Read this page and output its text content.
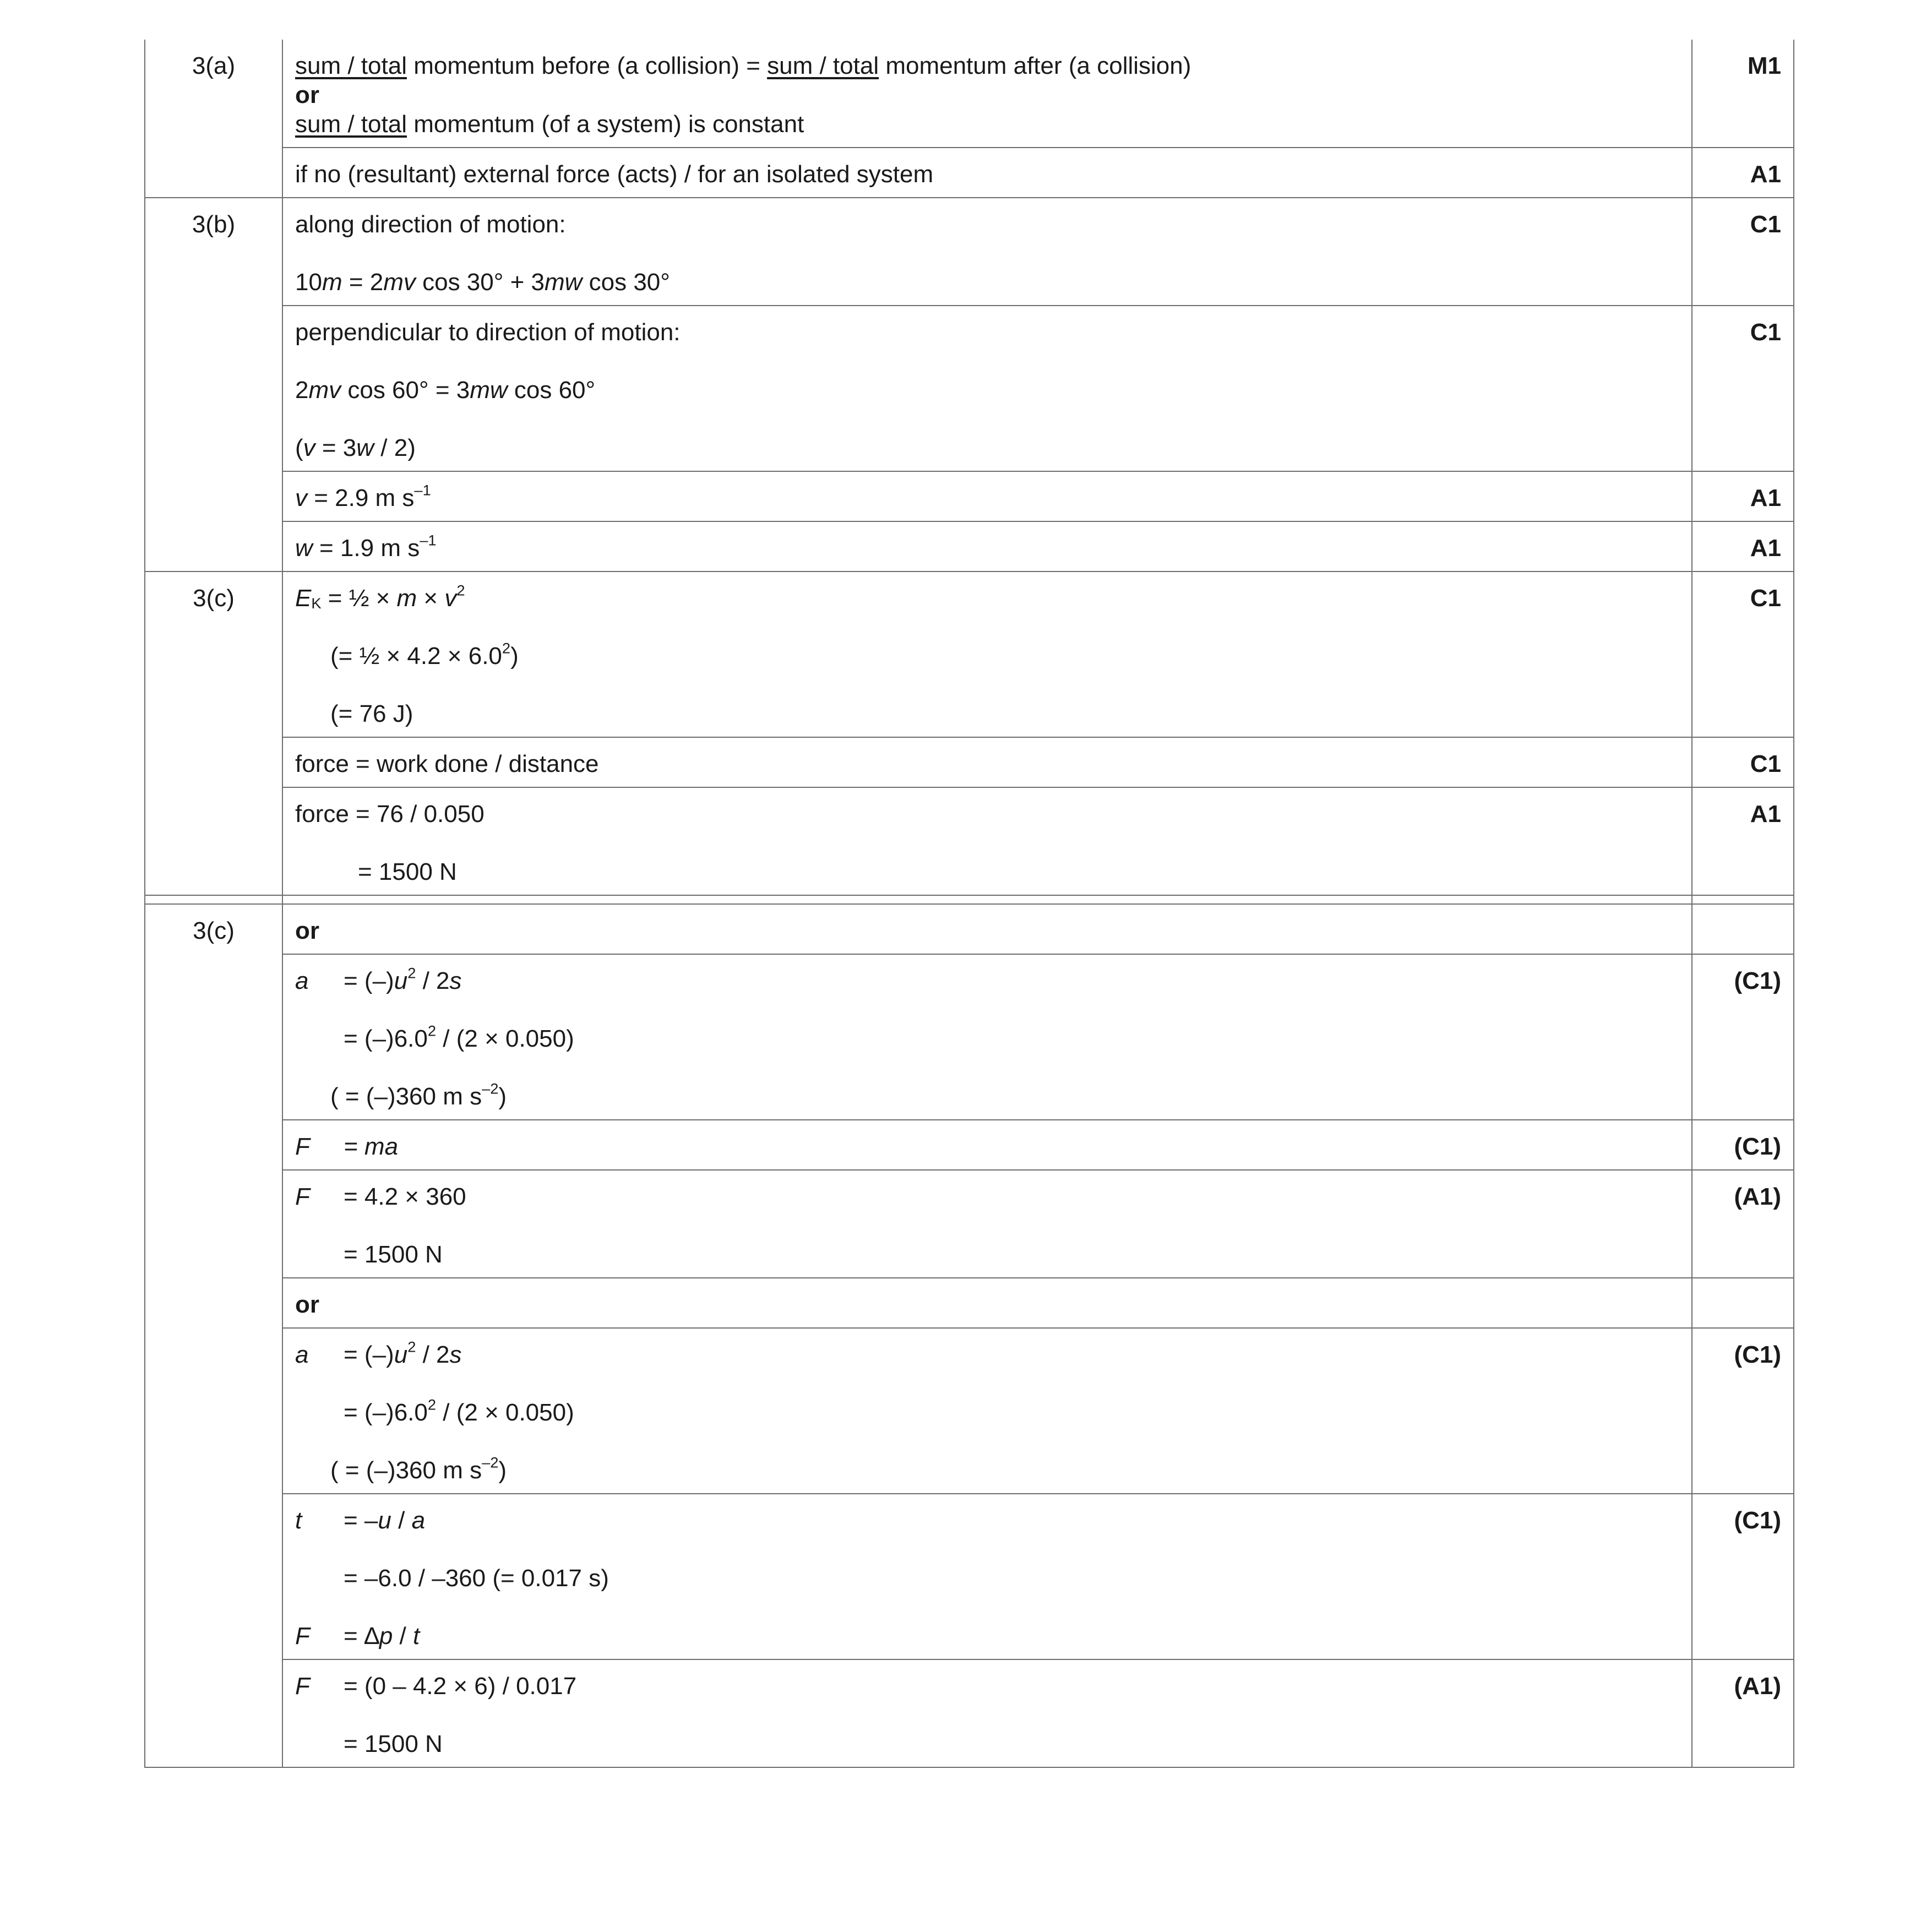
3(a)	sum / total momentum before (a collision) = sum / total momentum after (a collision)
or
sum / total momentum (of a system) is constant	M1

	if no (resultant) external force (acts) / for an isolated system	A1
3(b)	along direction of motion:
10m = 2mv cos 30° + 3mw cos 30°	C1

	perpendicular to direction of motion:
2mv cos 60° = 3mw cos 60°
(v = 3w / 2)	C1

	v = 2.9 m $s^{-1}$	A1

	w = 1.9 m $s^{-1}$	A1
3(c)	$E_K$ = ½ × $m \times v^2$
(= ½ × $4.2 \times 6.0^2$)
(= 76 J)	C1

	force = work done / distance	C1

	force = 76 / 0.050
= 1500 N	A1

3(c)	or	

	$a = (-)u^2 / 2s$
= $(-)6.0^2 / (2 \times 0.050)$
( = (–)360 m $s^{-2}$)	(C1)

	F = ma	(C1)

	F = 4.2 × 360
= 1500 N	(A1)

	or	

	$a = (-)u^2 / 2s$
= $(-)6.0^2 / (2 \times 0.050)$
( = (–)360 m $s^{-2}$)	(C1)

	t = –u / a
= –6.0 / –360 (= 0.017 s)
F = ∆p / t	(C1)

	F = (0 – 4.2 × 6) / 0.017
= 1500 N	(A1)
